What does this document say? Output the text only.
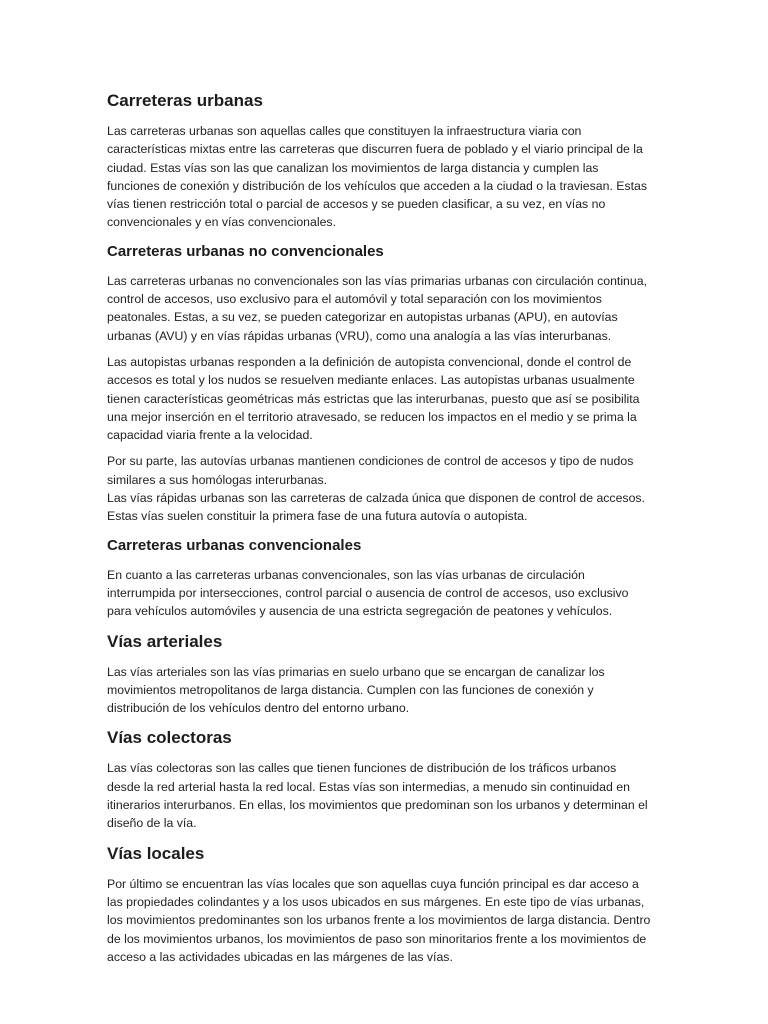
Carreteras urbanas

Las carreteras urbanas son aquellas calles que constituyen la infraestructura viaria con
características mixtas entre las carreteras que discurren fuera de poblado y el viario principal de la
ciudad. Estas vías son las que canalizan los movimientos de larga distancia y cumplen las
funciones de conexión y distribución de los vehículos que acceden a la ciudad o la traviesan. Estas
vías tienen restricción total o parcial de accesos y se pueden clasificar, a su vez, en vías no
convencionales y en vías convencionales.

Carreteras urbanas no convencionales

Las carreteras urbanas no convencionales son las vías primarias urbanas con circulación continua,
control de accesos, uso exclusivo para el automóvil y total separación con los movimientos
peatonales. Estas, a su vez, se pueden categorizar en autopistas urbanas (APU), en autovías
urbanas (AVU) y en vías rápidas urbanas (VRU), como una analogía a las vías interurbanas.

Las autopistas urbanas responden a la definición de autopista convencional, donde el control de
accesos es total y los nudos se resuelven mediante enlaces. Las autopistas urbanas usualmente
tienen características geométricas más estrictas que las interurbanas, puesto que así se posibilita
una mejor inserción en el territorio atravesado, se reducen los impactos en el medio y se prima la
capacidad viaria frente a la velocidad.

Por su parte, las autovías urbanas mantienen condiciones de control de accesos y tipo de nudos
similares a sus homólogas interurbanas.
Las vías rápidas urbanas son las carreteras de calzada única que disponen de control de accesos.
Estas vías suelen constituir la primera fase de una futura autovía o autopista.

Carreteras urbanas convencionales

En cuanto a las carreteras urbanas convencionales, son las vías urbanas de circulación
interrumpida por intersecciones, control parcial o ausencia de control de accesos, uso exclusivo
para vehículos automóviles y ausencia de una estricta segregación de peatones y vehículos.

Vías arteriales

Las vías arteriales son las vías primarias en suelo urbano que se encargan de canalizar los
movimientos metropolitanos de larga distancia. Cumplen con las funciones de conexión y
distribución de los vehículos dentro del entorno urbano.

Vías colectoras

Las vías colectoras son las calles que tienen funciones de distribución de los tráficos urbanos
desde la red arterial hasta la red local. Estas vías son intermedias, a menudo sin continuidad en
itinerarios interurbanos. En ellas, los movimientos que predominan son los urbanos y determinan el
diseño de la vía.

Vías locales

Por último se encuentran las vías locales que son aquellas cuya función principal es dar acceso a
las propiedades colindantes y a los usos ubicados en sus márgenes. En este tipo de vías urbanas,
los movimientos predominantes son los urbanos frente a los movimientos de larga distancia. Dentro
de los movimientos urbanos, los movimientos de paso son minoritarios frente a los movimientos de
acceso a las actividades ubicadas en las márgenes de las vías.
